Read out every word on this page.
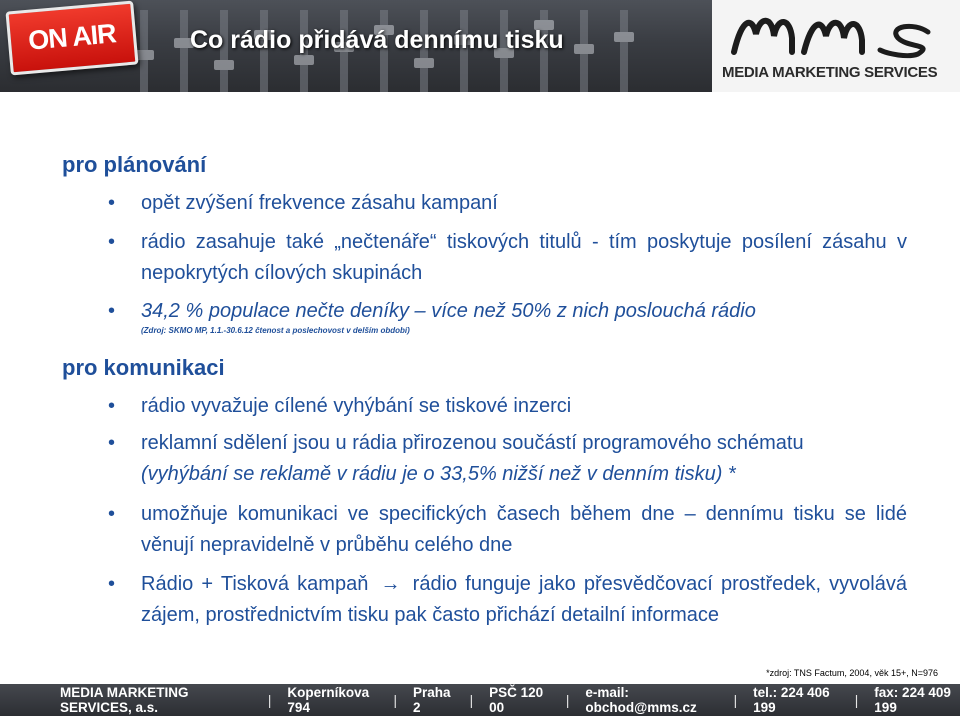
ON AIR	Co rádio přidává dennímu tisku
MEDIA MARKETING SERVICES
pro plánování
•	opět zvýšení frekvence zásahu kampaní
•	rádio zasahuje také „nečtenáře“ tiskových titulů - tím poskytuje posílení zásahu v nepokrytých cílových skupinách
•	34,2 % populace nečte deníky – více než 50% z nich poslouchá rádio
(Zdroj: SKMO MP, 1.1.-30.6.12 čtenost a poslechovost v delším období)
pro komunikaci
•	rádio vyvažuje cílené vyhýbání se tiskové inzerci
•	reklamní sdělení jsou u rádia přirozenou součástí programového schématu
(vyhýbání se reklamě v rádiu je o 33,5% nižší než v denním tisku) *
•	umožňuje komunikaci ve specifických časech během dne – dennímu tisku se lidé věnují nepravidelně v průběhu celého dne
•	Rádio + Tisková kampaň → rádio funguje jako přesvědčovací prostředek, vyvolává zájem, prostřednictvím tisku pak často přichází detailní informace
*zdroj: TNS Factum, 2004, věk 15+, N=976
MEDIA MARKETING SERVICES, a.s.	| Koperníkova 794	| Praha 2	| PSČ 120 00	| e-mail: obchod@mms.cz	| tel.: 224 406 199	| fax: 224 409 199
